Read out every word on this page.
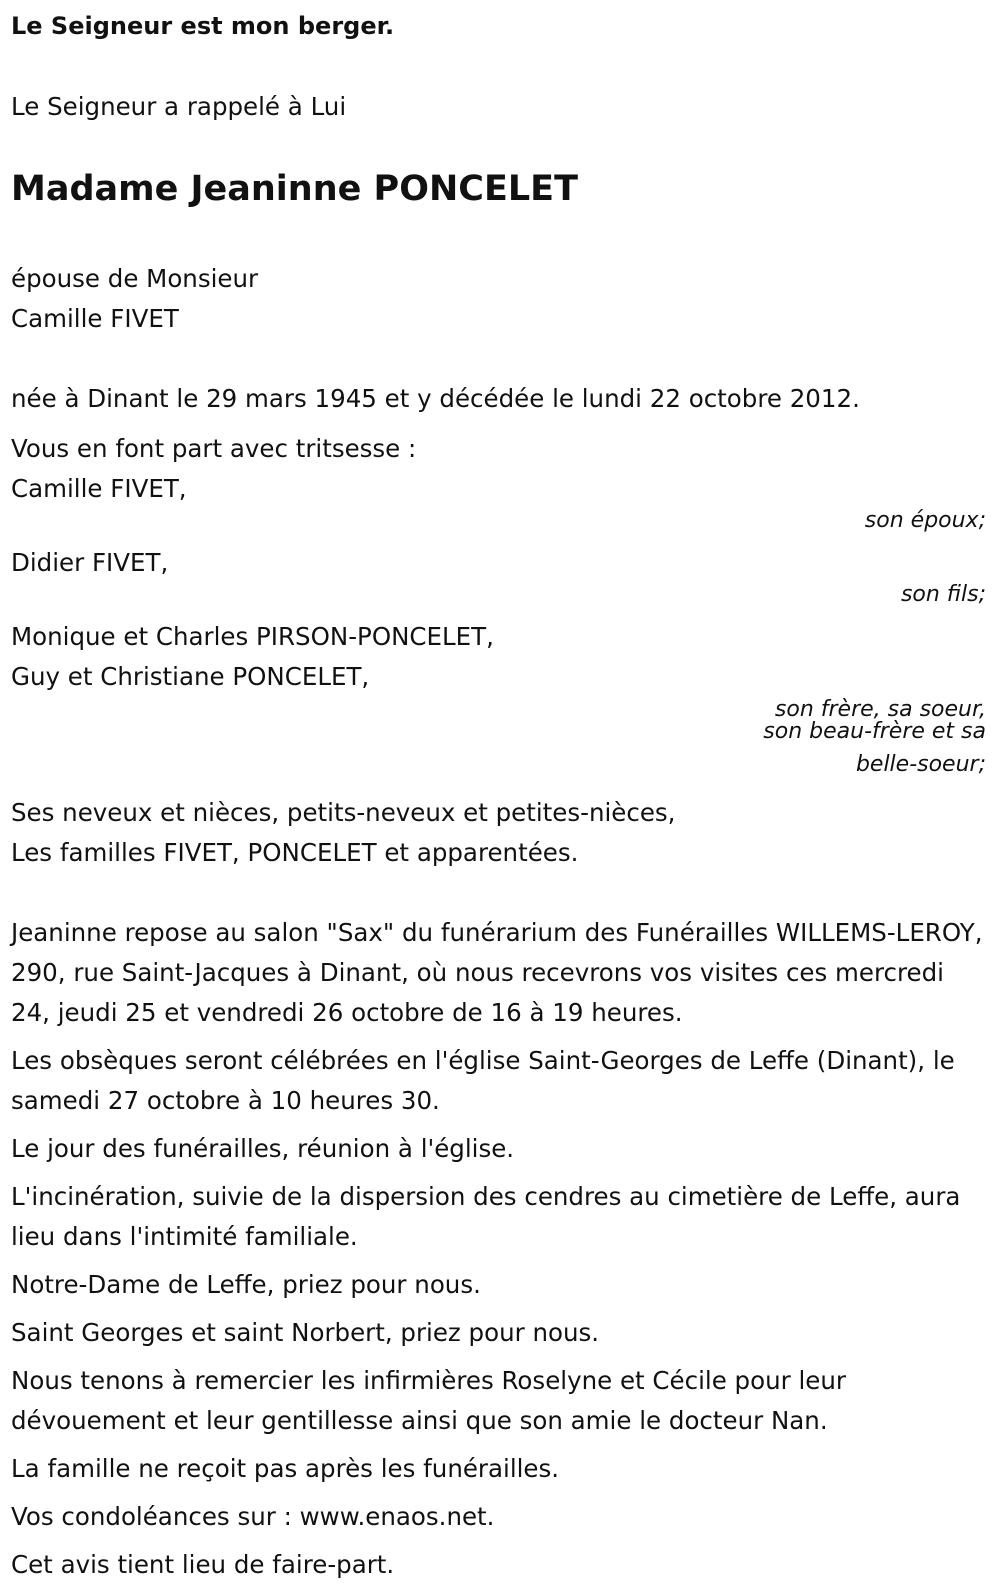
Le Seigneur est mon berger.

Le Seigneur a rappelé à Lui

Madame Jeaninne PONCELET

épouse de Monsieur

Camille FIVET

née à Dinant le 29 mars 1945 et y décédée le lundi 22 octobre 2012.

Vous en font part avec tritsesse :

Camille FIVET,

son époux;

Didier FIVET,

son fils;

Monique et Charles PIRSON-PONCELET,

Guy et Christiane PONCELET,

son frère, sa soeur,

son beau-frère et sa

belle-soeur;

Ses neveux et nièces, petits-neveux et petites-nièces,

Les familles FIVET, PONCELET et apparentées.

Jeaninne repose au salon "Sax" du funérarium des Funérailles WILLEMS-LEROY, 290, rue Saint-Jacques à Dinant, où nous recevrons vos visites ces mercredi 24, jeudi 25 et vendredi 26 octobre de 16 à 19 heures.

Les obsèques seront célébrées en l'église Saint-Georges de Leffe (Dinant), le samedi 27 octobre à 10 heures 30.

Le jour des funérailles, réunion à l'église.

L'incinération, suivie de la dispersion des cendres au cimetière de Leffe, aura lieu dans l'intimité familiale.

Notre-Dame de Leffe, priez pour nous.

Saint Georges et saint Norbert, priez pour nous.

Nous tenons à remercier les infirmières Roselyne et Cécile pour leur dévouement et leur gentillesse ainsi que son amie le docteur Nan.

La famille ne reçoit pas après les funérailles.

Vos condoléances sur : www.enaos.net.

Cet avis tient lieu de faire-part.
